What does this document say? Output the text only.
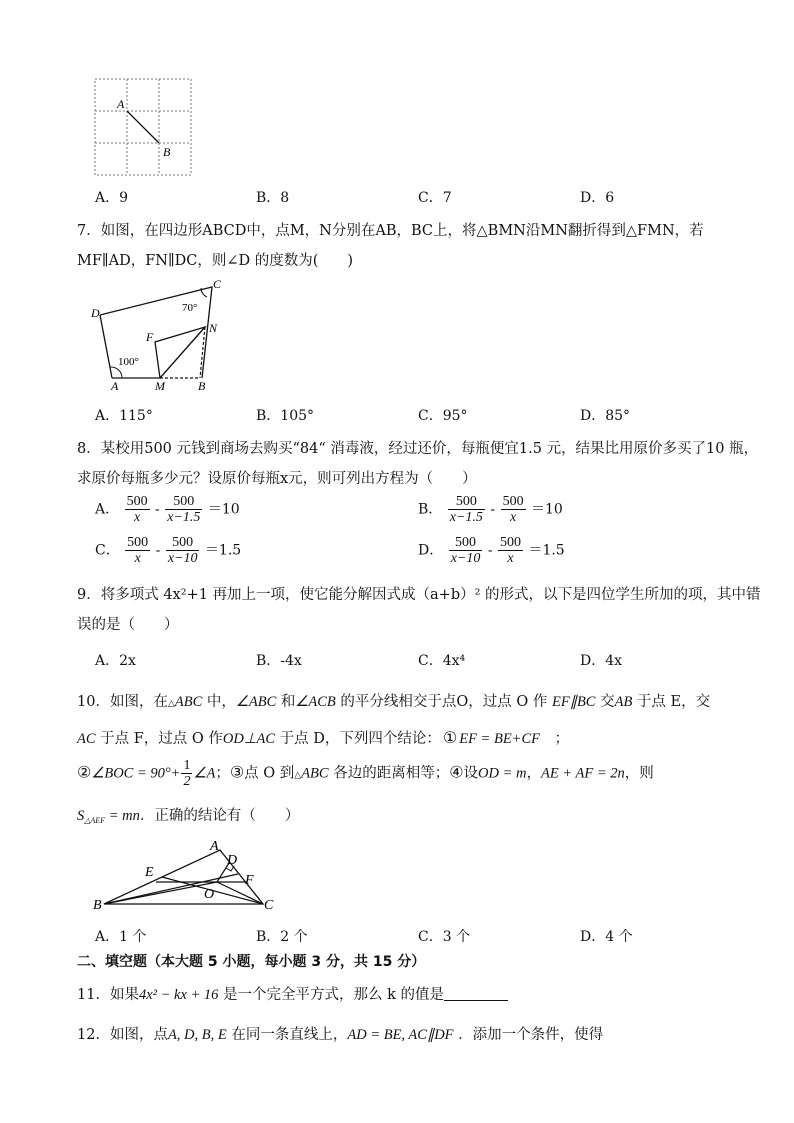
A
B
A．9	B．8	C．7	D．6
7．如图，在四边形ABCD中，点M，N分别在AB，BC上，将△BMN沿MN翻折得到△FMN，若
MF∥AD，FN∥DC，则∠D 的度数为(　　)
D
C
F
N
A	M	B
70°
100°
A．115°	B．105°	C．95°	D．85°
8．某校用500 元钱到商场去购买“84“ 消毒液，经过还价，每瓶便宜1.5 元，结果比用原价多买了10 瓶，
求原价每瓶多少元？设原价每瓶x元，则可列出方程为（　　）
A． $\frac{500}{x} - \frac{500}{x-1.5} =10$	B． $\frac{500}{x-1.5} - \frac{500}{x} =10$
C． $\frac{500}{x} - \frac{500}{x-10} =1.5$	D． $\frac{500}{x-10} - \frac{500}{x} =1.5$
9．将多项式 4x²+1 再加上一项，使它能分解因式成（a+b）² 的形式，以下是四位学生所加的项，其中错
误的是（　　）
A．2x	B．-4x	C．4x⁴	D．4x
10．如图，在△ABC 中，∠ABC 和∠ACB 的平分线相交于点O，过点 O 作 EF∥BC 交AB 于点 E，交
AC 于点 F，过点 O 作OD⊥AC 于点 D，下列四个结论： ① EF = BE+CF　 ；
②∠BOC = $90^\circ+ \frac{1}{2}$ ∠A；③点 O 到△ABC 各边的距离相等；④设OD = m，AE + AF = 2n，则
$S_{\triangle AEF}$ = mn．正确的结论有（　　）
A
D
E
F
O
B	C
A．1 个	B．2 个	C．3 个	D．4 个
二、填空题（本大题 5 小题，每小题 3 分，共 15 分）
11．如果4x² − kx + 16 是一个完全平方式，那么 k 的值是
12．如图，点A, D, B, E 在同一条直线上，AD = BE, AC∥DF ．添加一个条件，使得
